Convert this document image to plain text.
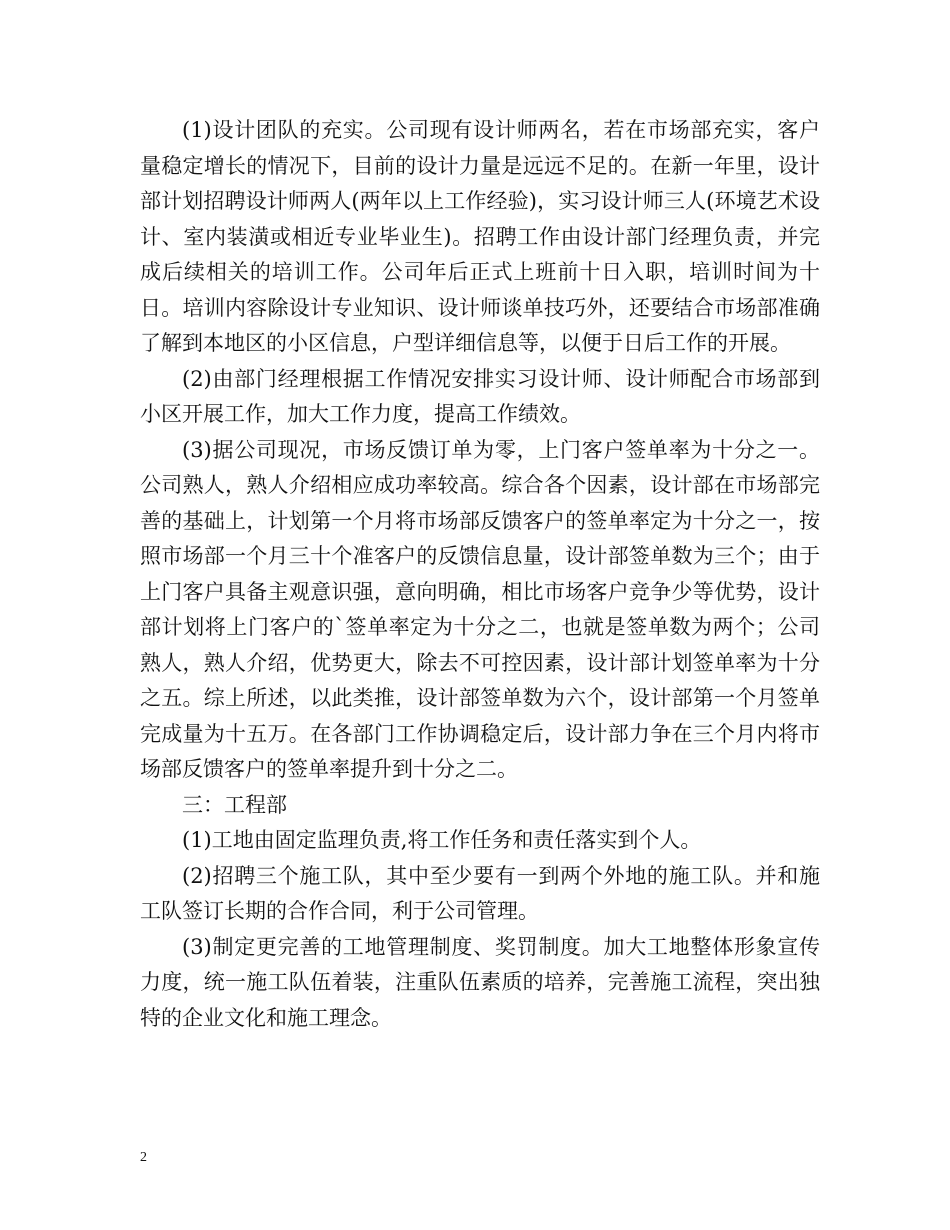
(1)设计团队的充实。公司现有设计师两名，若在市场部充实，客户量稳定增长的情况下，目前的设计力量是远远不足的。在新一年里，设计部计划招聘设计师两人(两年以上工作经验)，实习设计师三人(环境艺术设计、室内装潢或相近专业毕业生)。招聘工作由设计部门经理负责，并完成后续相关的培训工作。公司年后正式上班前十日入职，培训时间为十日。培训内容除设计专业知识、设计师谈单技巧外，还要结合市场部准确了解到本地区的小区信息，户型详细信息等，以便于日后工作的开展。

(2)由部门经理根据工作情况安排实习设计师、设计师配合市场部到小区开展工作，加大工作力度，提高工作绩效。

(3)据公司现况，市场反馈订单为零，上门客户签单率为十分之一。公司熟人，熟人介绍相应成功率较高。综合各个因素，设计部在市场部完善的基础上，计划第一个月将市场部反馈客户的签单率定为十分之一，按照市场部一个月三十个准客户的反馈信息量，设计部签单数为三个；由于上门客户具备主观意识强，意向明确，相比市场客户竞争少等优势，设计部计划将上门客户的`签单率定为十分之二，也就是签单数为两个；公司熟人，熟人介绍，优势更大，除去不可控因素，设计部计划签单率为十分之五。综上所述，以此类推，设计部签单数为六个，设计部第一个月签单完成量为十五万。在各部门工作协调稳定后，设计部力争在三个月内将市场部反馈客户的签单率提升到十分之二。

三：工程部

(1)工地由固定监理负责,将工作任务和责任落实到个人。

(2)招聘三个施工队，其中至少要有一到两个外地的施工队。并和施工队签订长期的合作合同，利于公司管理。

(3)制定更完善的工地管理制度、奖罚制度。加大工地整体形象宣传力度，统一施工队伍着装，注重队伍素质的培养，完善施工流程，突出独特的企业文化和施工理念。

2
